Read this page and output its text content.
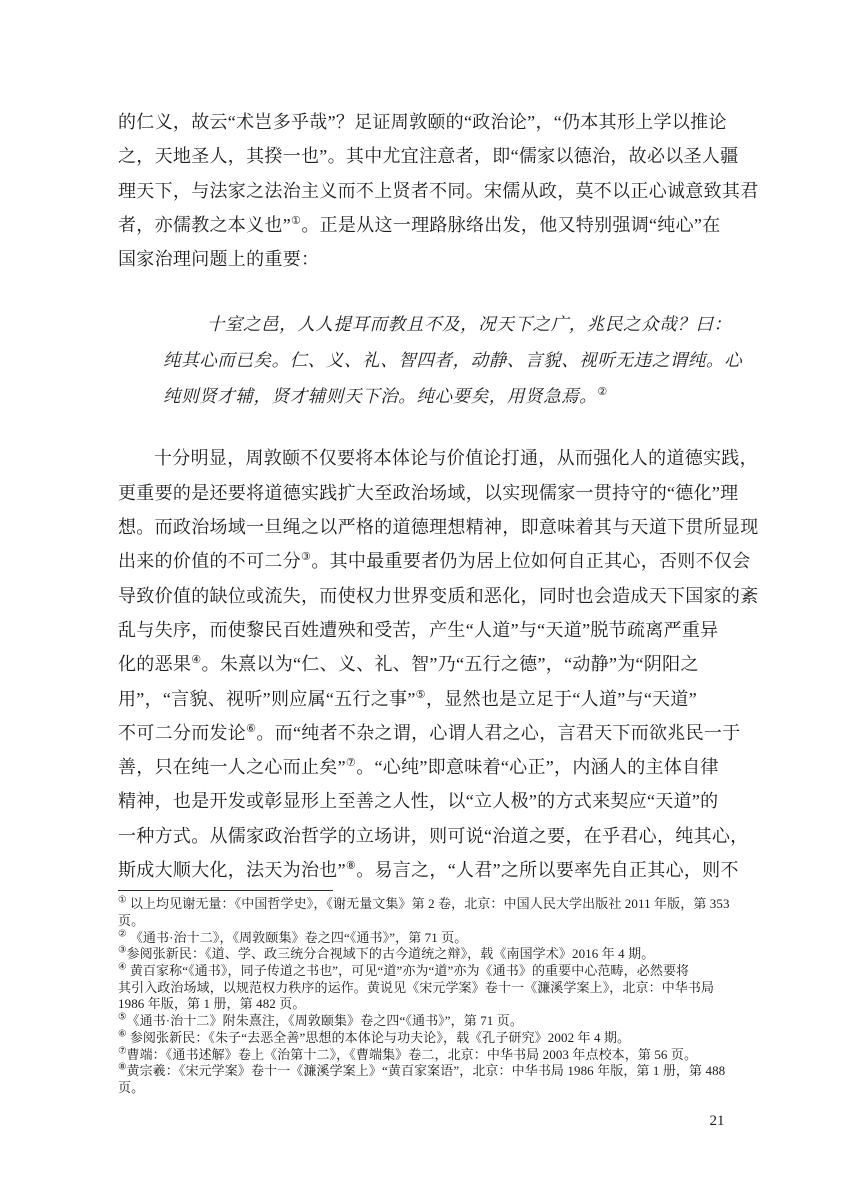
的仁义，故云“术岂多乎哉”？足证周敦颐的“政治论”，“仍本其形上学以推论
之，天地圣人，其揆一也”。其中尤宜注意者，即“儒家以德治，故必以圣人疆
理天下，与法家之法治主义而不上贤者不同。宋儒从政，莫不以正心诚意致其君
者，亦儒教之本义也”①。正是从这一理路脉络出发，他又特别强调“纯心”在
国家治理问题上的重要：
十室之邑，人人提耳而教且不及，况天下之广，兆民之众哉？曰：
纯其心而已矣。仁、义、礼、智四者，动静、言貌、视听无违之谓纯。心
纯则贤才辅，贤才辅则天下治。纯心要矣，用贤急焉。②
十分明显，周敦颐不仅要将本体论与价值论打通，从而强化人的道德实践，
更重要的是还要将道德实践扩大至政治场域，以实现儒家一贯持守的“德化”理
想。而政治场域一旦绳之以严格的道德理想精神，即意味着其与天道下贯所显现
出来的价值的不可二分③。其中最重要者仍为居上位如何自正其心，否则不仅会
导致价值的缺位或流失，而使权力世界变质和恶化，同时也会造成天下国家的紊
乱与失序，而使黎民百姓遭殃和受苦，产生“人道”与“天道”脱节疏离严重异
化的恶果④。朱熹以为“仁、义、礼、智”乃“五行之德”，“动静”为“阴阳之
用”，“言貌、视听”则应属“五行之事”⑤，显然也是立足于“人道”与“天道”
不可二分而发论⑥。而“纯者不杂之谓，心谓人君之心，言君天下而欲兆民一于
善，只在纯一人之心而止矣”⑦。“心纯”即意味着“心正”，内涵人的主体自律
精神，也是开发或彰显形上至善之人性，以“立人极”的方式来契应“天道”的
一种方式。从儒家政治哲学的立场讲，则可说“治道之要，在乎君心，纯其心，
斯成大顺大化，法天为治也”⑧。易言之，“人君”之所以要率先自正其心，则不
① 以上均见谢无量：《中国哲学史》，《谢无量文集》第 2 卷，北京：中国人民大学出版社 2011 年版，第 353
页。
② 《通书·治十二》，《周敦颐集》卷之四“《通书》”，第 71 页。
③参阅张新民：《道、学、政三统分合视域下的古今道统之辩》，载《南国学术》2016 年 4 期。
④ 黄百家称“《通书》，同子传道之书也”，可见“道”亦为“道”亦为《通书》的重要中心范畴，必然要将
其引入政治场域，以规范权力秩序的运作。黄说见《宋元学案》卷十一《濂溪学案上》，北京：中华书局
1986 年版，第 1 册，第 482 页。
⑤《通书·治十二》附朱熹注，《周敦颐集》卷之四“《通书》”，第 71 页。
⑥ 参阅张新民：《朱子“去恶全善”思想的本体论与功夫论》，载《孔子研究》2002 年 4 期。
⑦曹端：《通书述解》卷上《治第十二》，《曹端集》卷二，北京：中华书局 2003 年点校本，第 56 页。
⑧黄宗羲：《宋元学案》卷十一《濂溪学案上》“黄百家案语”，北京：中华书局 1986 年版，第 1 册，第 488
页。
21
